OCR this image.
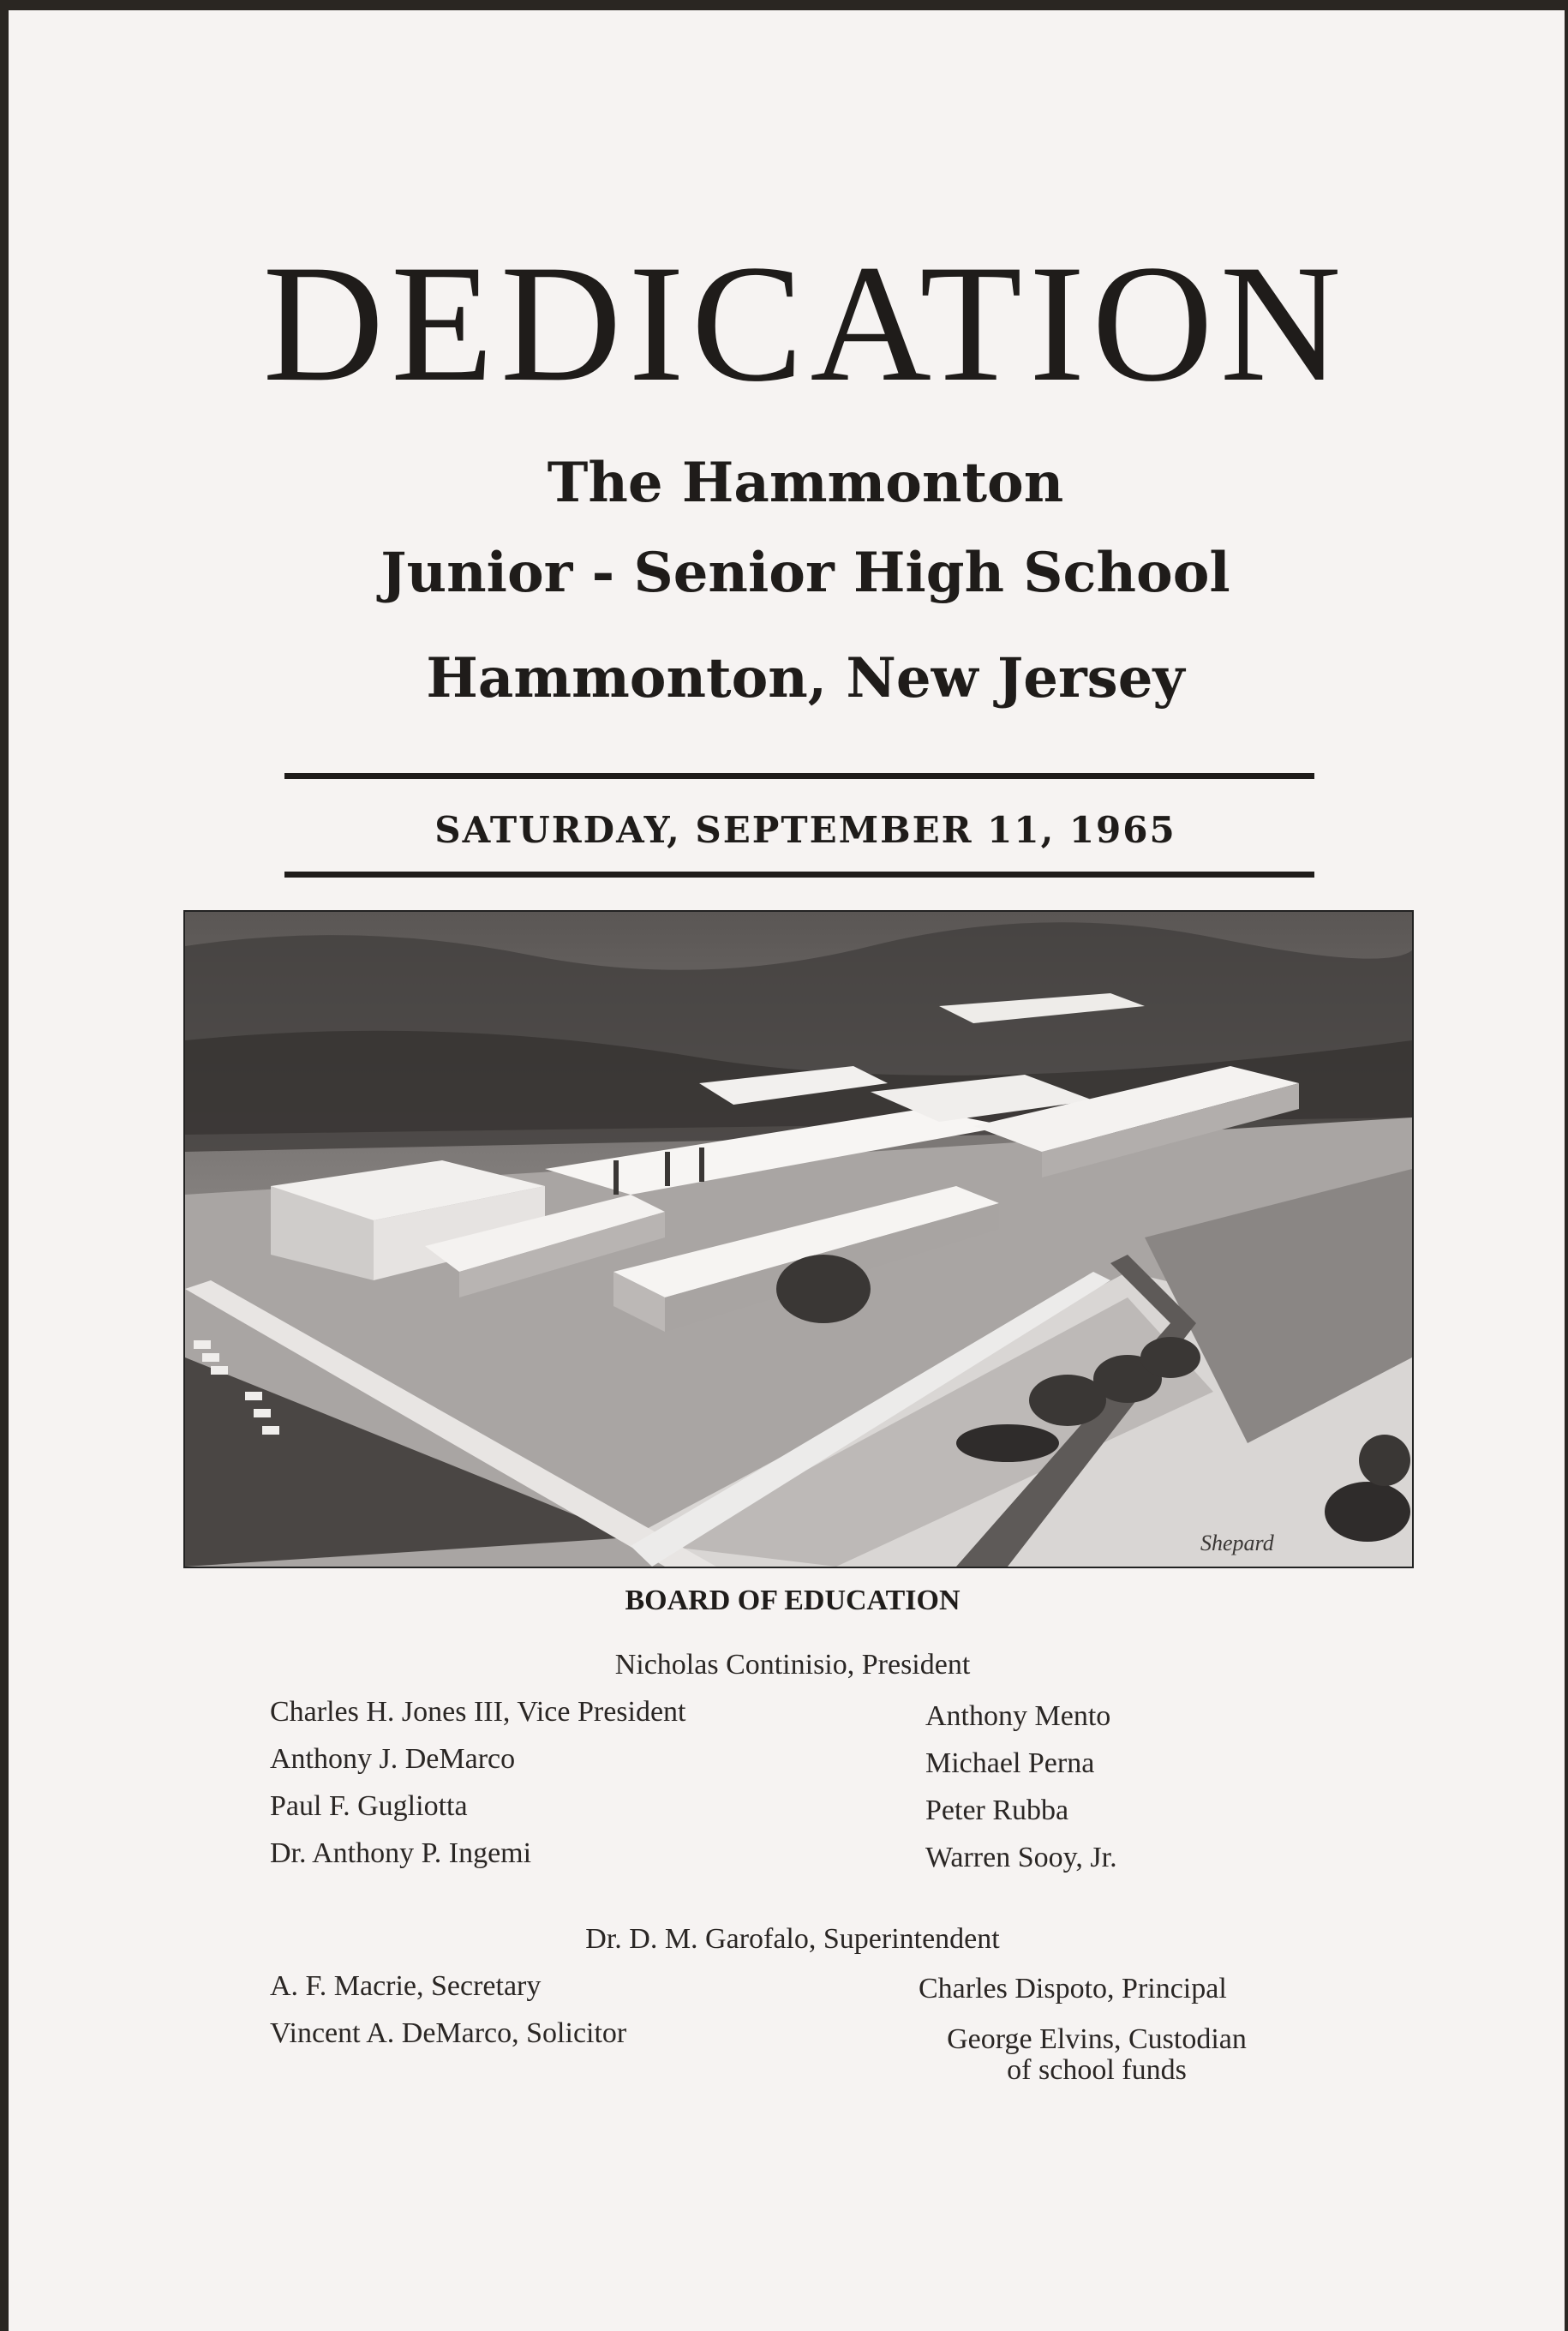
DEDICATION
The Hammonton
Junior - Senior High School
Hammonton, New Jersey
SATURDAY, SEPTEMBER 11, 1965
Shepard
BOARD OF EDUCATION
Nicholas Continisio, President
Charles H. Jones III, Vice President
Anthony J. DeMarco
Paul F. Gugliotta
Dr. Anthony P. Ingemi
Anthony Mento
Michael Perna
Peter Rubba
Warren Sooy, Jr.
Dr. D. M. Garofalo, Superintendent
A. F. Macrie, Secretary
Vincent A. DeMarco, Solicitor
Charles Dispoto, Principal
George Elvins, Custodian
of school funds
